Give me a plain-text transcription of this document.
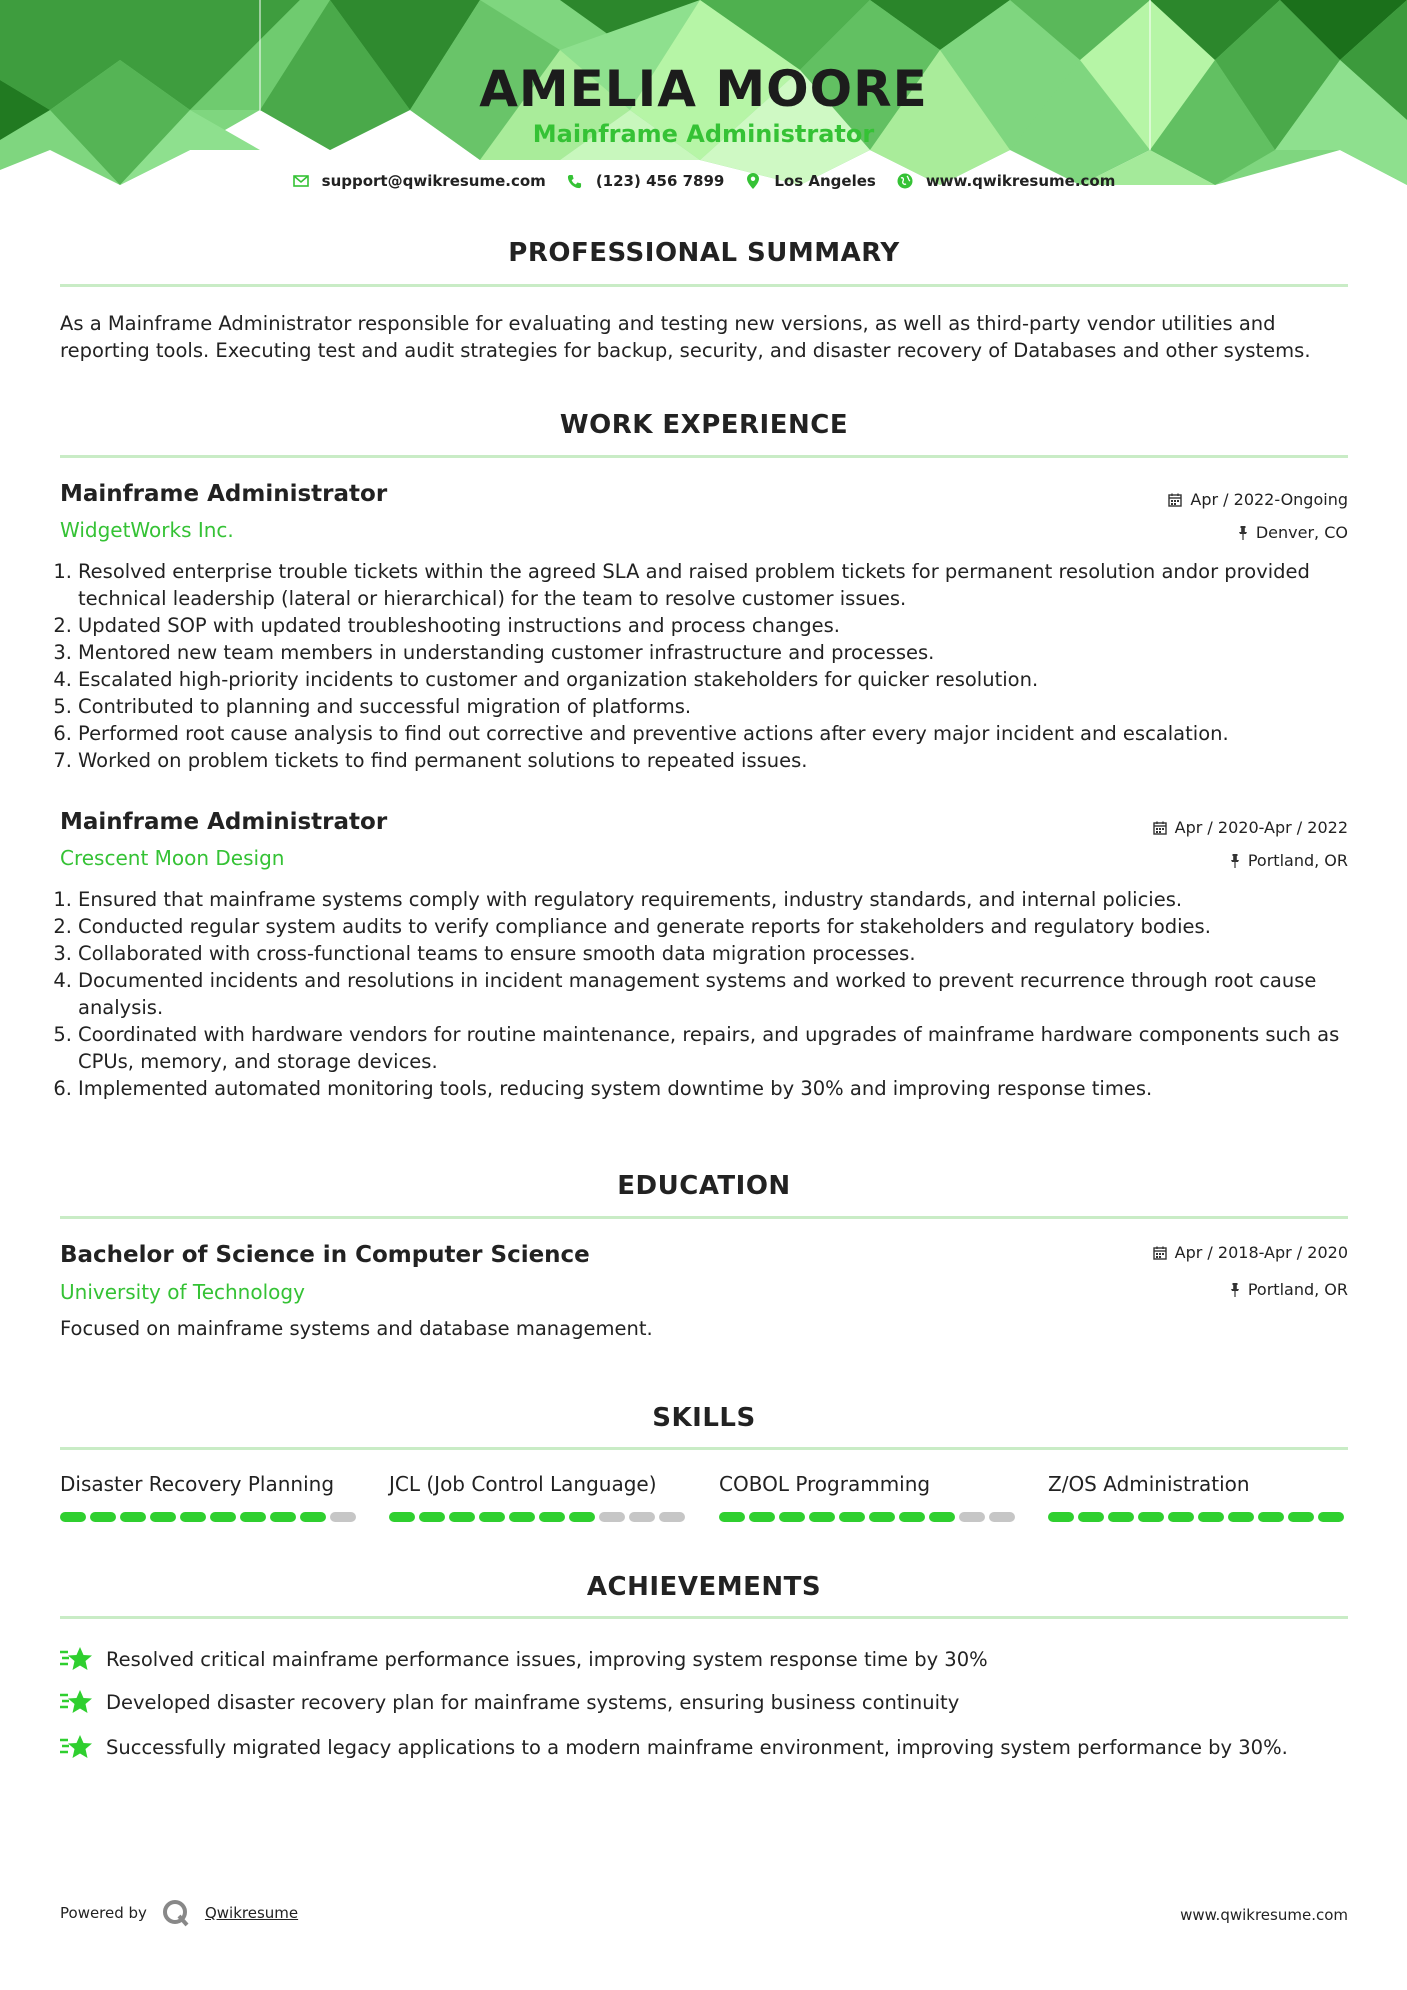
AMELIA MOORE
Mainframe Administrator
support@qwikresume.com	(123) 456 7899	Los Angeles	www.qwikresume.com
PROFESSIONAL SUMMARY
As a Mainframe Administrator responsible for evaluating and testing new versions, as well as third-party vendor utilities and reporting tools. Executing test and audit strategies for backup, security, and disaster recovery of Databases and other systems.
WORK EXPERIENCE
Mainframe Administrator	Apr / 2022-Ongoing
WidgetWorks Inc.	Denver, CO
1. Resolved enterprise trouble tickets within the agreed SLA and raised problem tickets for permanent resolution andor provided technical leadership (lateral or hierarchical) for the team to resolve customer issues.
2. Updated SOP with updated troubleshooting instructions and process changes.
3. Mentored new team members in understanding customer infrastructure and processes.
4. Escalated high-priority incidents to customer and organization stakeholders for quicker resolution.
5. Contributed to planning and successful migration of platforms.
6. Performed root cause analysis to find out corrective and preventive actions after every major incident and escalation.
7. Worked on problem tickets to find permanent solutions to repeated issues.
Mainframe Administrator	Apr / 2020-Apr / 2022
Crescent Moon Design	Portland, OR
1. Ensured that mainframe systems comply with regulatory requirements, industry standards, and internal policies.
2. Conducted regular system audits to verify compliance and generate reports for stakeholders and regulatory bodies.
3. Collaborated with cross-functional teams to ensure smooth data migration processes.
4. Documented incidents and resolutions in incident management systems and worked to prevent recurrence through root cause analysis.
5. Coordinated with hardware vendors for routine maintenance, repairs, and upgrades of mainframe hardware components such as CPUs, memory, and storage devices.
6. Implemented automated monitoring tools, reducing system downtime by 30% and improving response times.
EDUCATION
Bachelor of Science in Computer Science	Apr / 2018-Apr / 2020
University of Technology	Portland, OR
Focused on mainframe systems and database management.
SKILLS
Disaster Recovery Planning	JCL (Job Control Language)	COBOL Programming	Z/OS Administration
ACHIEVEMENTS
Resolved critical mainframe performance issues, improving system response time by 30%
Developed disaster recovery plan for mainframe systems, ensuring business continuity
Successfully migrated legacy applications to a modern mainframe environment, improving system performance by 30%.
Powered by	Qwikresume	www.qwikresume.com
